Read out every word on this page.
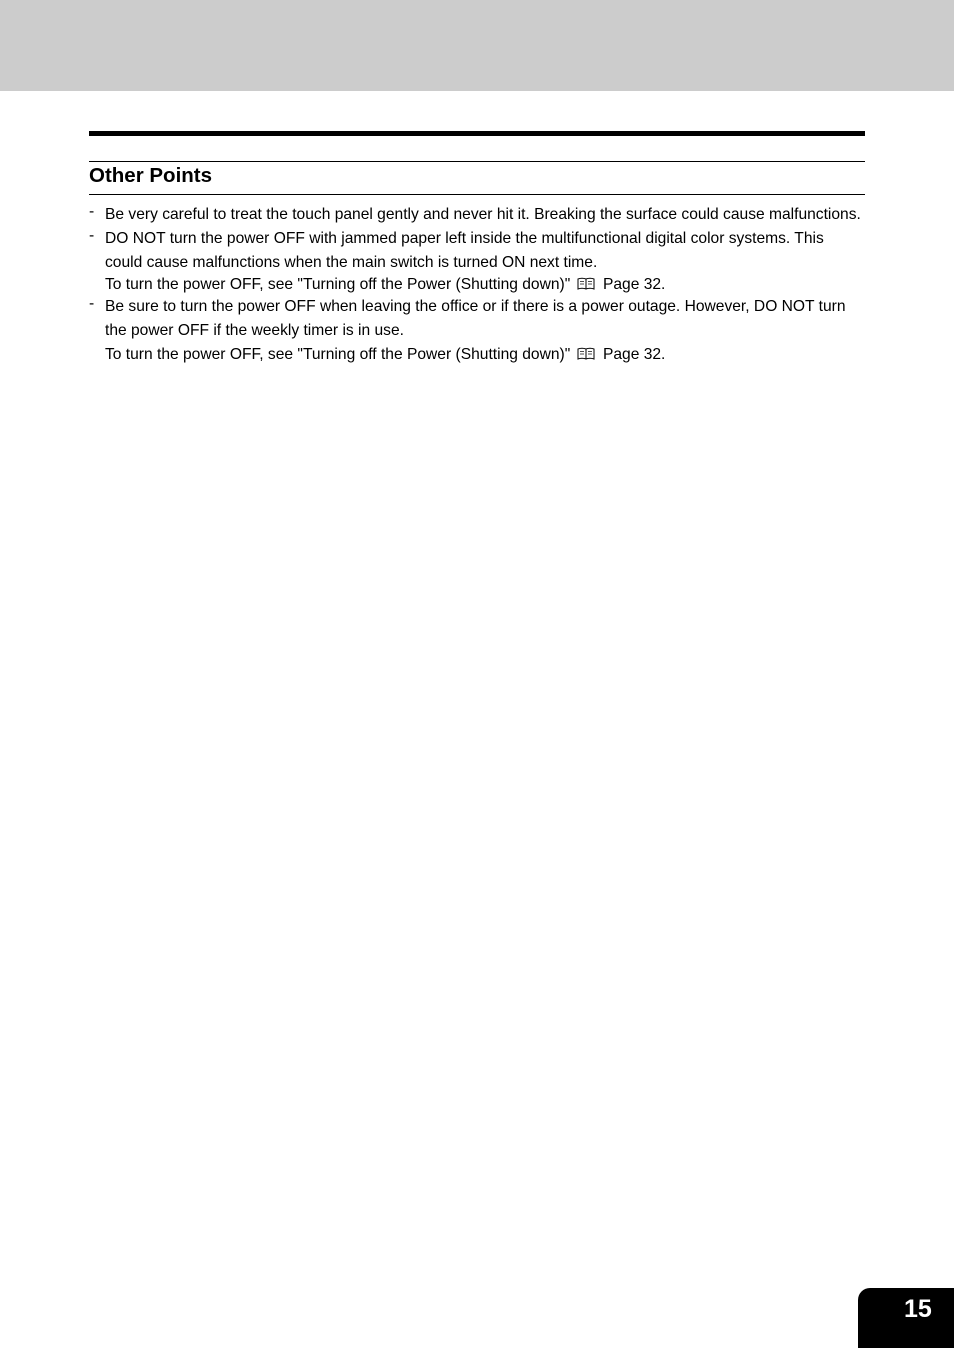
Other Points
- Be very careful to treat the touch panel gently and never hit it. Breaking the surface could cause malfunctions.
- DO NOT turn the power OFF with jammed paper left inside the multifunctional digital color systems. This could cause malfunctions when the main switch is turned ON next time.
To turn the power OFF, see "Turning off the Power (Shutting down)" Page 32.
- Be sure to turn the power OFF when leaving the office or if there is a power outage. However, DO NOT turn the power OFF if the weekly timer is in use.
To turn the power OFF, see "Turning off the Power (Shutting down)" Page 32.
15
